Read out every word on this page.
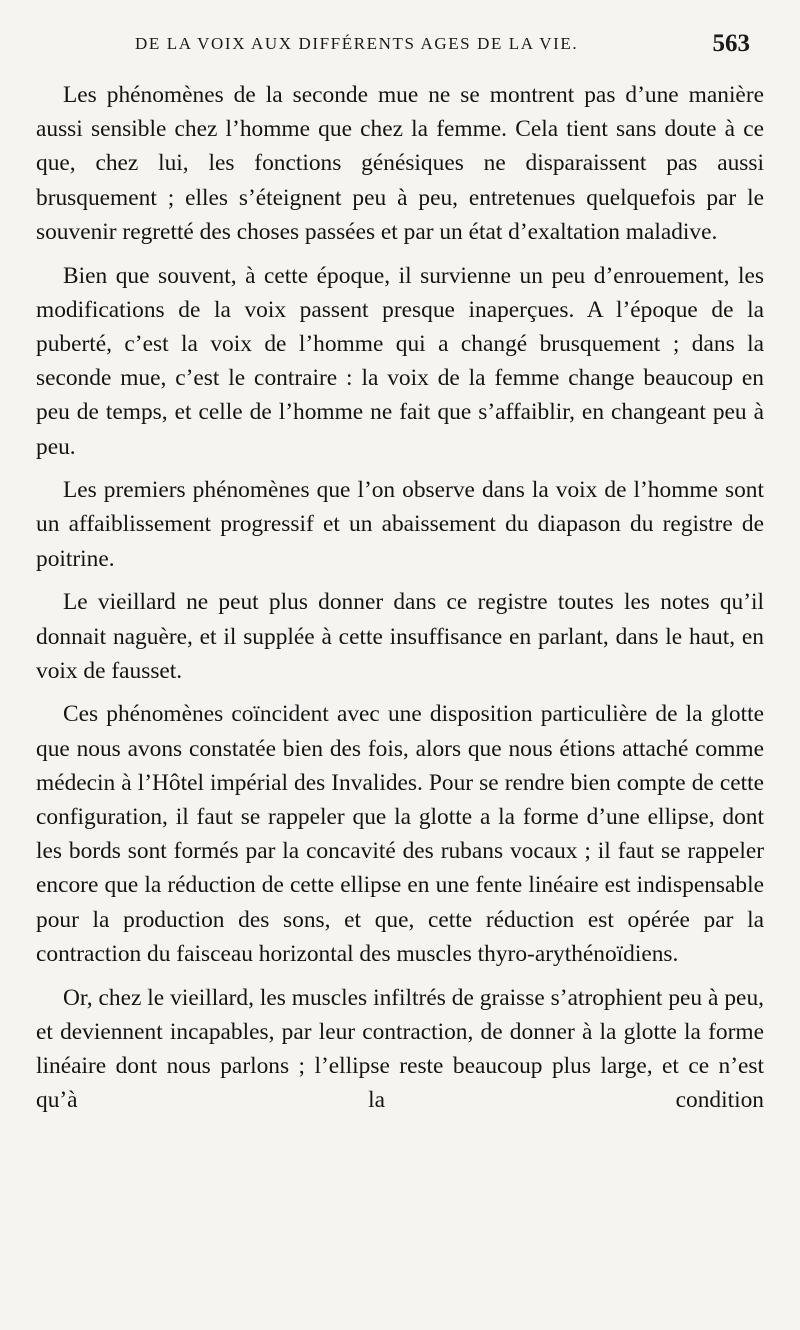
DE LA VOIX AUX DIFFÉRENTS AGES DE LA VIE.	563

Les phénomènes de la seconde mue ne se montrent pas d’une manière aussi sensible chez l’homme que chez la femme. Cela tient sans doute à ce que, chez lui, les fonctions génésiques ne disparaissent pas aussi brusquement ; elles s’éteignent peu à peu, entretenues quelquefois par le souvenir regretté des choses passées et par un état d’exaltation maladive.

Bien que souvent, à cette époque, il survienne un peu d’enrouement, les modifications de la voix passent presque inaperçues. A l’époque de la puberté, c’est la voix de l’homme qui a changé brusquement ; dans la seconde mue, c’est le contraire : la voix de la femme change beaucoup en peu de temps, et celle de l’homme ne fait que s’affaiblir, en changeant peu à peu.

Les premiers phénomènes que l’on observe dans la voix de l’homme sont un affaiblissement progressif et un abaissement du diapason du registre de poitrine.

Le vieillard ne peut plus donner dans ce registre toutes les notes qu’il donnait naguère, et il supplée à cette insuffisance en parlant, dans le haut, en voix de fausset.

Ces phénomènes coïncident avec une disposition particulière de la glotte que nous avons constatée bien des fois, alors que nous étions attaché comme médecin à l’Hôtel impérial des Invalides. Pour se rendre bien compte de cette configuration, il faut se rappeler que la glotte a la forme d’une ellipse, dont les bords sont formés par la concavité des rubans vocaux ; il faut se rappeler encore que la réduction de cette ellipse en une fente linéaire est indispensable pour la production des sons, et que, cette réduction est opérée par la contraction du faisceau horizontal des muscles thyro-arythénoïdiens.

Or, chez le vieillard, les muscles infiltrés de graisse s’atrophient peu à peu, et deviennent incapables, par leur contraction, de donner à la glotte la forme linéaire dont nous parlons ; l’ellipse reste beaucoup plus large, et ce n’est qu’à la condition
